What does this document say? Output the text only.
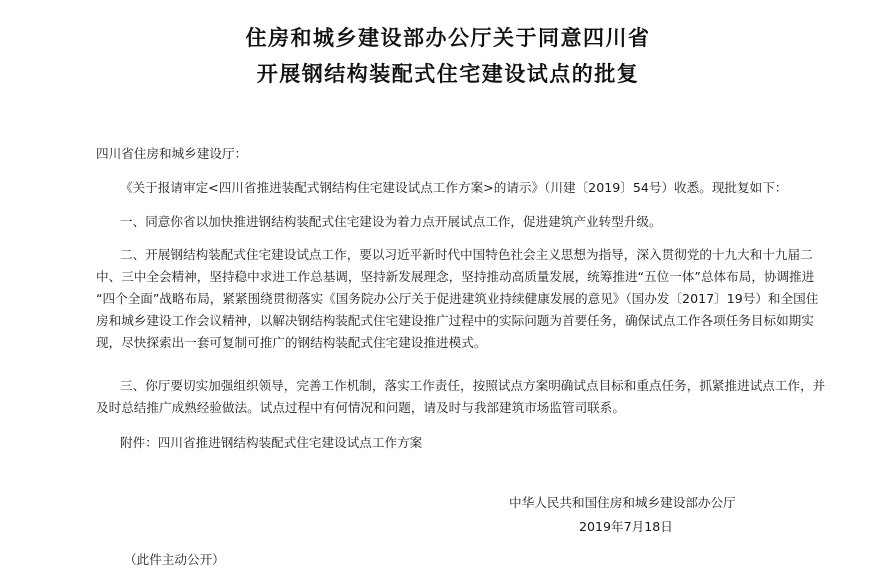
住房和城乡建设部办公厅关于同意四川省
开展钢结构装配式住宅建设试点的批复
四川省住房和城乡建设厅：
《关于报请审定<四川省推进装配式钢结构住宅建设试点工作方案>的请示》（川建〔2019〕54号）收悉。现批复如下：
一、同意你省以加快推进钢结构装配式住宅建设为着力点开展试点工作，促进建筑产业转型升级。
二、开展钢结构装配式住宅建设试点工作，要以习近平新时代中国特色社会主义思想为指导，深入贯彻党的十九大和十九届二
中、三中全会精神，坚持稳中求进工作总基调，坚持新发展理念，坚持推动高质量发展，统筹推进“五位一体”总体布局，协调推进
“四个全面”战略布局，紧紧围绕贯彻落实《国务院办公厅关于促进建筑业持续健康发展的意见》（国办发〔2017〕19号）和全国住
房和城乡建设工作会议精神，以解决钢结构装配式住宅建设推广过程中的实际问题为首要任务，确保试点工作各项任务目标如期实
现，尽快探索出一套可复制可推广的钢结构装配式住宅建设推进模式。
三、你厅要切实加强组织领导，完善工作机制，落实工作责任，按照试点方案明确试点目标和重点任务，抓紧推进试点工作，并
及时总结推广成熟经验做法。试点过程中有何情况和问题，请及时与我部建筑市场监管司联系。
附件：四川省推进钢结构装配式住宅建设试点工作方案
中华人民共和国住房和城乡建设部办公厅
2019年7月18日
（此件主动公开）
